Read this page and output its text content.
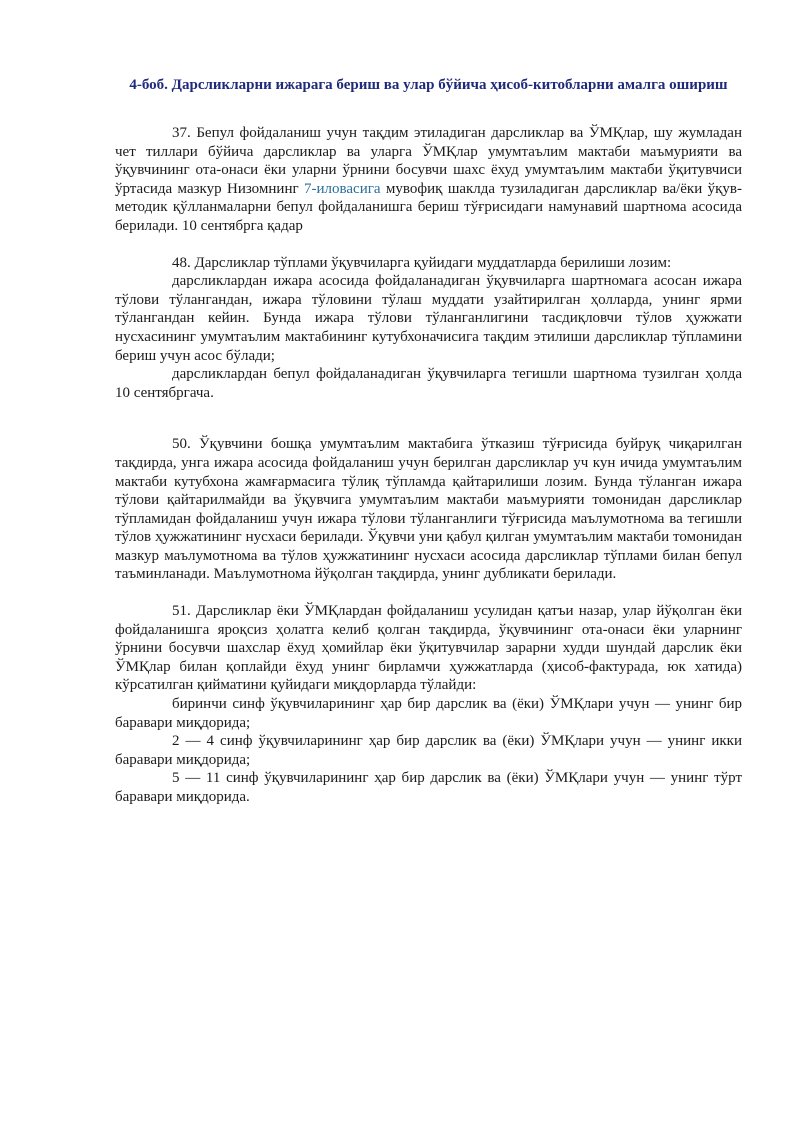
4-боб. Дарсликларни ижарага бериш ва улар бўйича ҳисоб-китобларни амалга ошириш

37. Бепул фойдаланиш учун тақдим этиладиган дарсликлар ва ЎМҚлар, шу жумладан чет тиллари бўйича дарсликлар ва уларга ЎМҚлар умумтаълим мактаби маъмурияти ва ўқувчининг ота-онаси ёки уларни ўрнини босувчи шахс ёхуд умумтаълим мактаби ўқитувчиси ўртасида мазкур Низомнинг 7-иловасига мувофиқ шаклда тузиладиган дарсликлар ва/ёки ўқув-методик қўлланмаларни бепул фойдаланишга бериш тўғрисидаги намунавий шартнома асосида берилади. 10 сентябрга қадар

48. Дарсликлар тўплами ўқувчиларга қуйидаги муддатларда берилиши лозим:

дарсликлардан ижара асосида фойдаланадиган ўқувчиларга шартномага асосан ижара тўлови тўлангандан, ижара тўловини тўлаш муддати узайтирилган ҳолларда, унинг ярми тўлангандан кейин. Бунда ижара тўлови тўланганлигини тасдиқловчи тўлов ҳужжати нусхасининг умумтаълим мактабининг кутубхоначисига тақдим этилиши дарсликлар тўпламини бериш учун асос бўлади;

дарсликлардан бепул фойдаланадиган ўқувчиларга тегишли шартнома тузилган ҳолда 10 сентябргача.

50. Ўқувчини бошқа умумтаълим мактабига ўтказиш тўғрисида буйруқ чиқарилган тақдирда, унга ижара асосида фойдаланиш учун берилган дарсликлар уч кун ичида умумтаълим мактаби кутубхона жамғармасига тўлиқ тўпламда қайтарилиши лозим. Бунда тўланган ижара тўлови қайтарилмайди ва ўқувчига умумтаълим мактаби маъмурияти томонидан дарсликлар тўпламидан фойдаланиш учун ижара тўлови тўланганлиги тўғрисида маълумотнома ва тегишли тўлов ҳужжатининг нусхаси берилади. Ўқувчи уни қабул қилган умумтаълим мактаби томонидан мазкур маълумотнома ва тўлов ҳужжатининг нусхаси асосида дарсликлар тўплами билан бепул таъминланади. Маълумотнома йўқолган тақдирда, унинг дубликати берилади.

51. Дарсликлар ёки ЎМҚлардан фойдаланиш усулидан қатъи назар, улар йўқолган ёки фойдаланишга яроқсиз ҳолатга келиб қолган тақдирда, ўқувчининг ота-онаси ёки уларнинг ўрнини босувчи шахслар ёхуд ҳомийлар ёки ўқитувчилар зарарни худди шундай дарслик ёки ЎМҚлар билан қоплайди ёхуд унинг бирламчи ҳужжатларда (ҳисоб-фактурада, юк хатида) кўрсатилган қийматини қуйидаги миқдорларда тўлайди:

биринчи синф ўқувчиларининг ҳар бир дарслик ва (ёки) ЎМҚлари учун — унинг бир баравари миқдорида;

2 — 4 синф ўқувчиларининг ҳар бир дарслик ва (ёки) ЎМҚлари учун — унинг икки баравари миқдорида;

5 — 11 синф ўқувчиларининг ҳар бир дарслик ва (ёки) ЎМҚлари учун — унинг тўрт баравари миқдорида.
